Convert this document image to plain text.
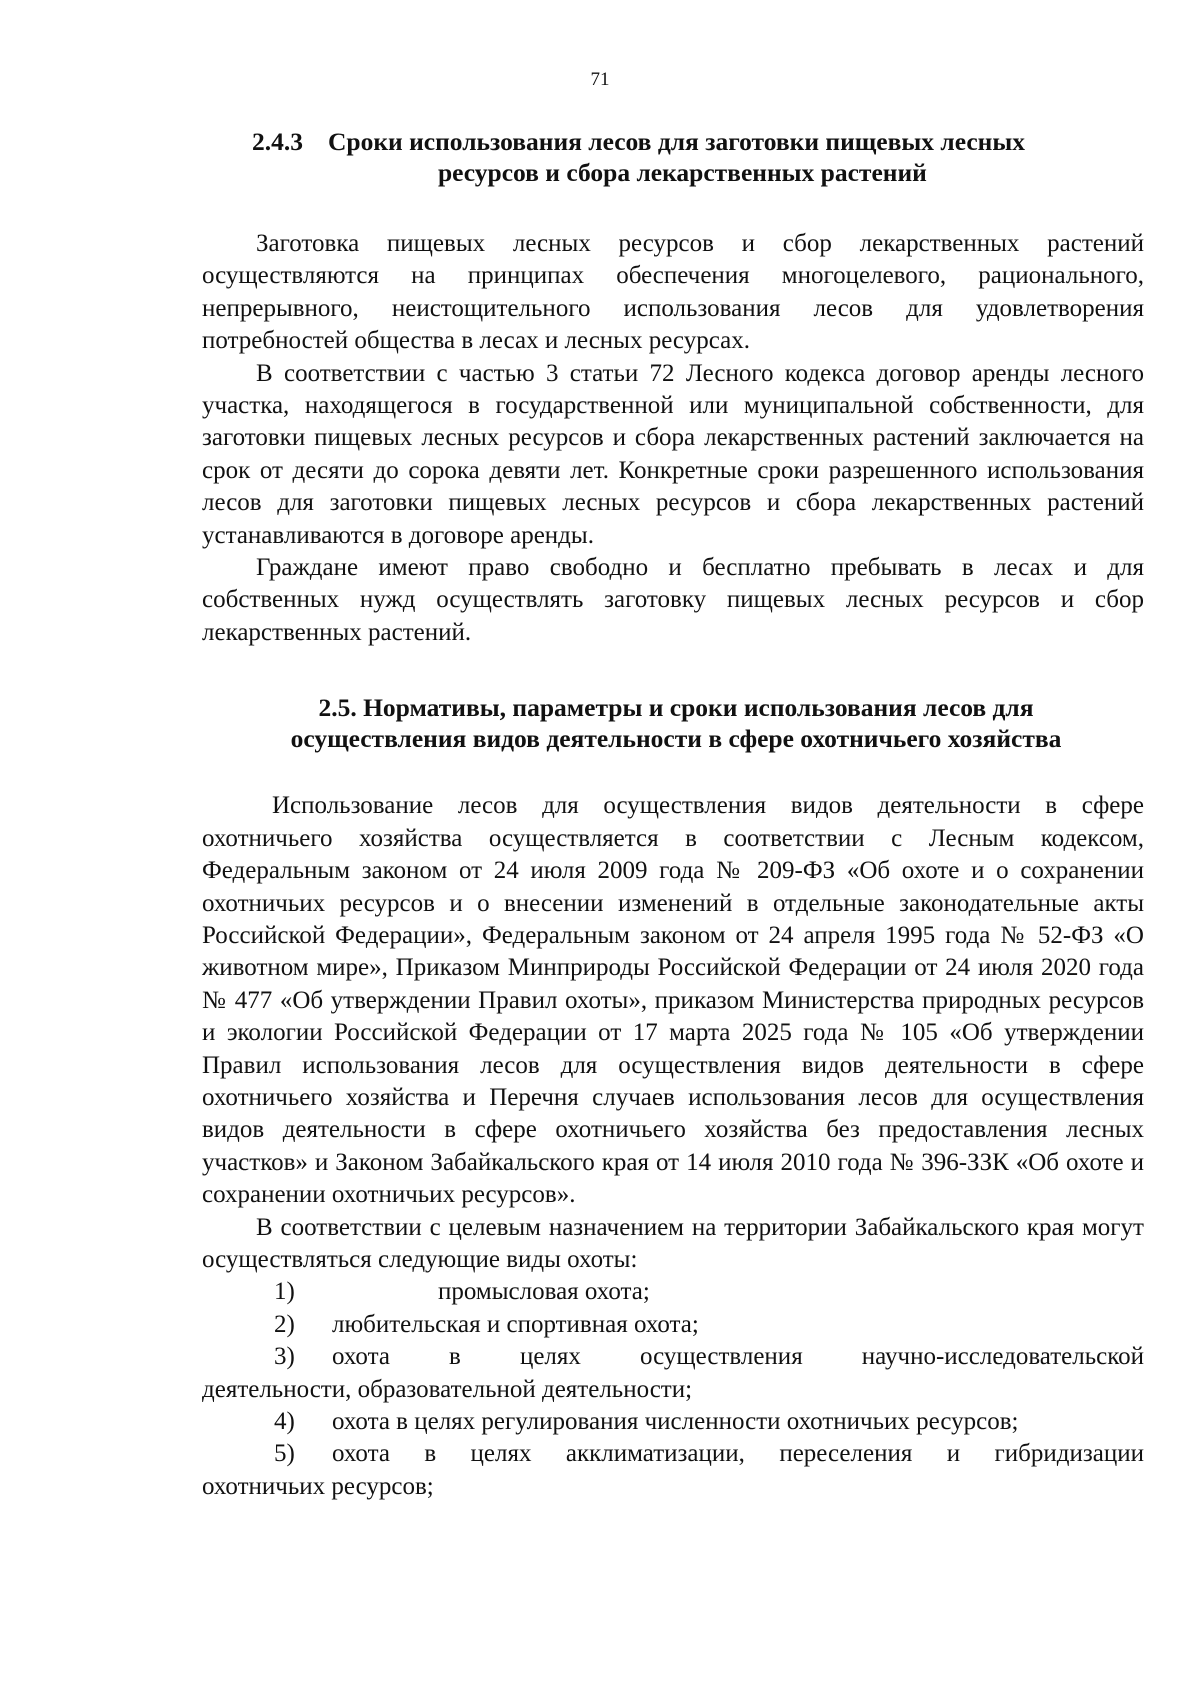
71
2.4.3 Сроки использования лесов для заготовки пищевых лесных
ресурсов и сбора лекарственных растений

Заготовка пищевых лесных ресурсов и сбор лекарственных растений осуществляются на принципах обеспечения многоцелевого, рационального, непрерывного, неистощительного использования лесов для удовлетворения потребностей общества в лесах и лесных ресурсах.

В соответствии с частью 3 статьи 72 Лесного кодекса договор аренды лесного участка, находящегося в государственной или муниципальной собственности, для заготовки пищевых лесных ресурсов и сбора лекарственных растений заключается на срок от десяти до сорока девяти лет. Конкретные сроки разрешенного использования лесов для заготовки пищевых лесных ресурсов и сбора лекарственных растений устанавливаются в договоре аренды.

Граждане имеют право свободно и бесплатно пребывать в лесах и для собственных нужд осуществлять заготовку пищевых лесных ресурсов и сбор лекарственных растений.

2.5. Нормативы, параметры и сроки использования лесов для
осуществления видов деятельности в сфере охотничьего хозяйства

Использование лесов для осуществления видов деятельности в сфере охотничьего хозяйства осуществляется в соответствии с Лесным кодексом, Федеральным законом от 24 июля 2009 года № 209-ФЗ «Об охоте и о сохранении охотничьих ресурсов и о внесении изменений в отдельные законодательные акты Российской Федерации», Федеральным законом от 24 апреля 1995 года № 52-ФЗ «О животном мире», Приказом Минприроды Российской Федерации от 24 июля 2020 года № 477 «Об утверждении Правил охоты», приказом Министерства природных ресурсов и экологии Российской Федерации от 17 марта 2025 года № 105 «Об утверждении Правил использования лесов для осуществления видов деятельности в сфере охотничьего хозяйства и Перечня случаев использования лесов для осуществления видов деятельности в сфере охотничьего хозяйства без предоставления лесных участков» и Законом Забайкальского края от 14 июля 2010 года № 396-ЗЗК «Об охоте и сохранении охотничьих ресурсов».

В соответствии с целевым назначением на территории Забайкальского края могут осуществляться следующие виды охоты:

1)	промысловая охота;
2) любительская и спортивная охота;
3) охота в целях осуществления научно-исследовательской
деятельности, образовательной деятельности;
4) охота в целях регулирования численности охотничьих ресурсов;
5) охота в целях акклиматизации, переселения и гибридизации
охотничьих ресурсов;
